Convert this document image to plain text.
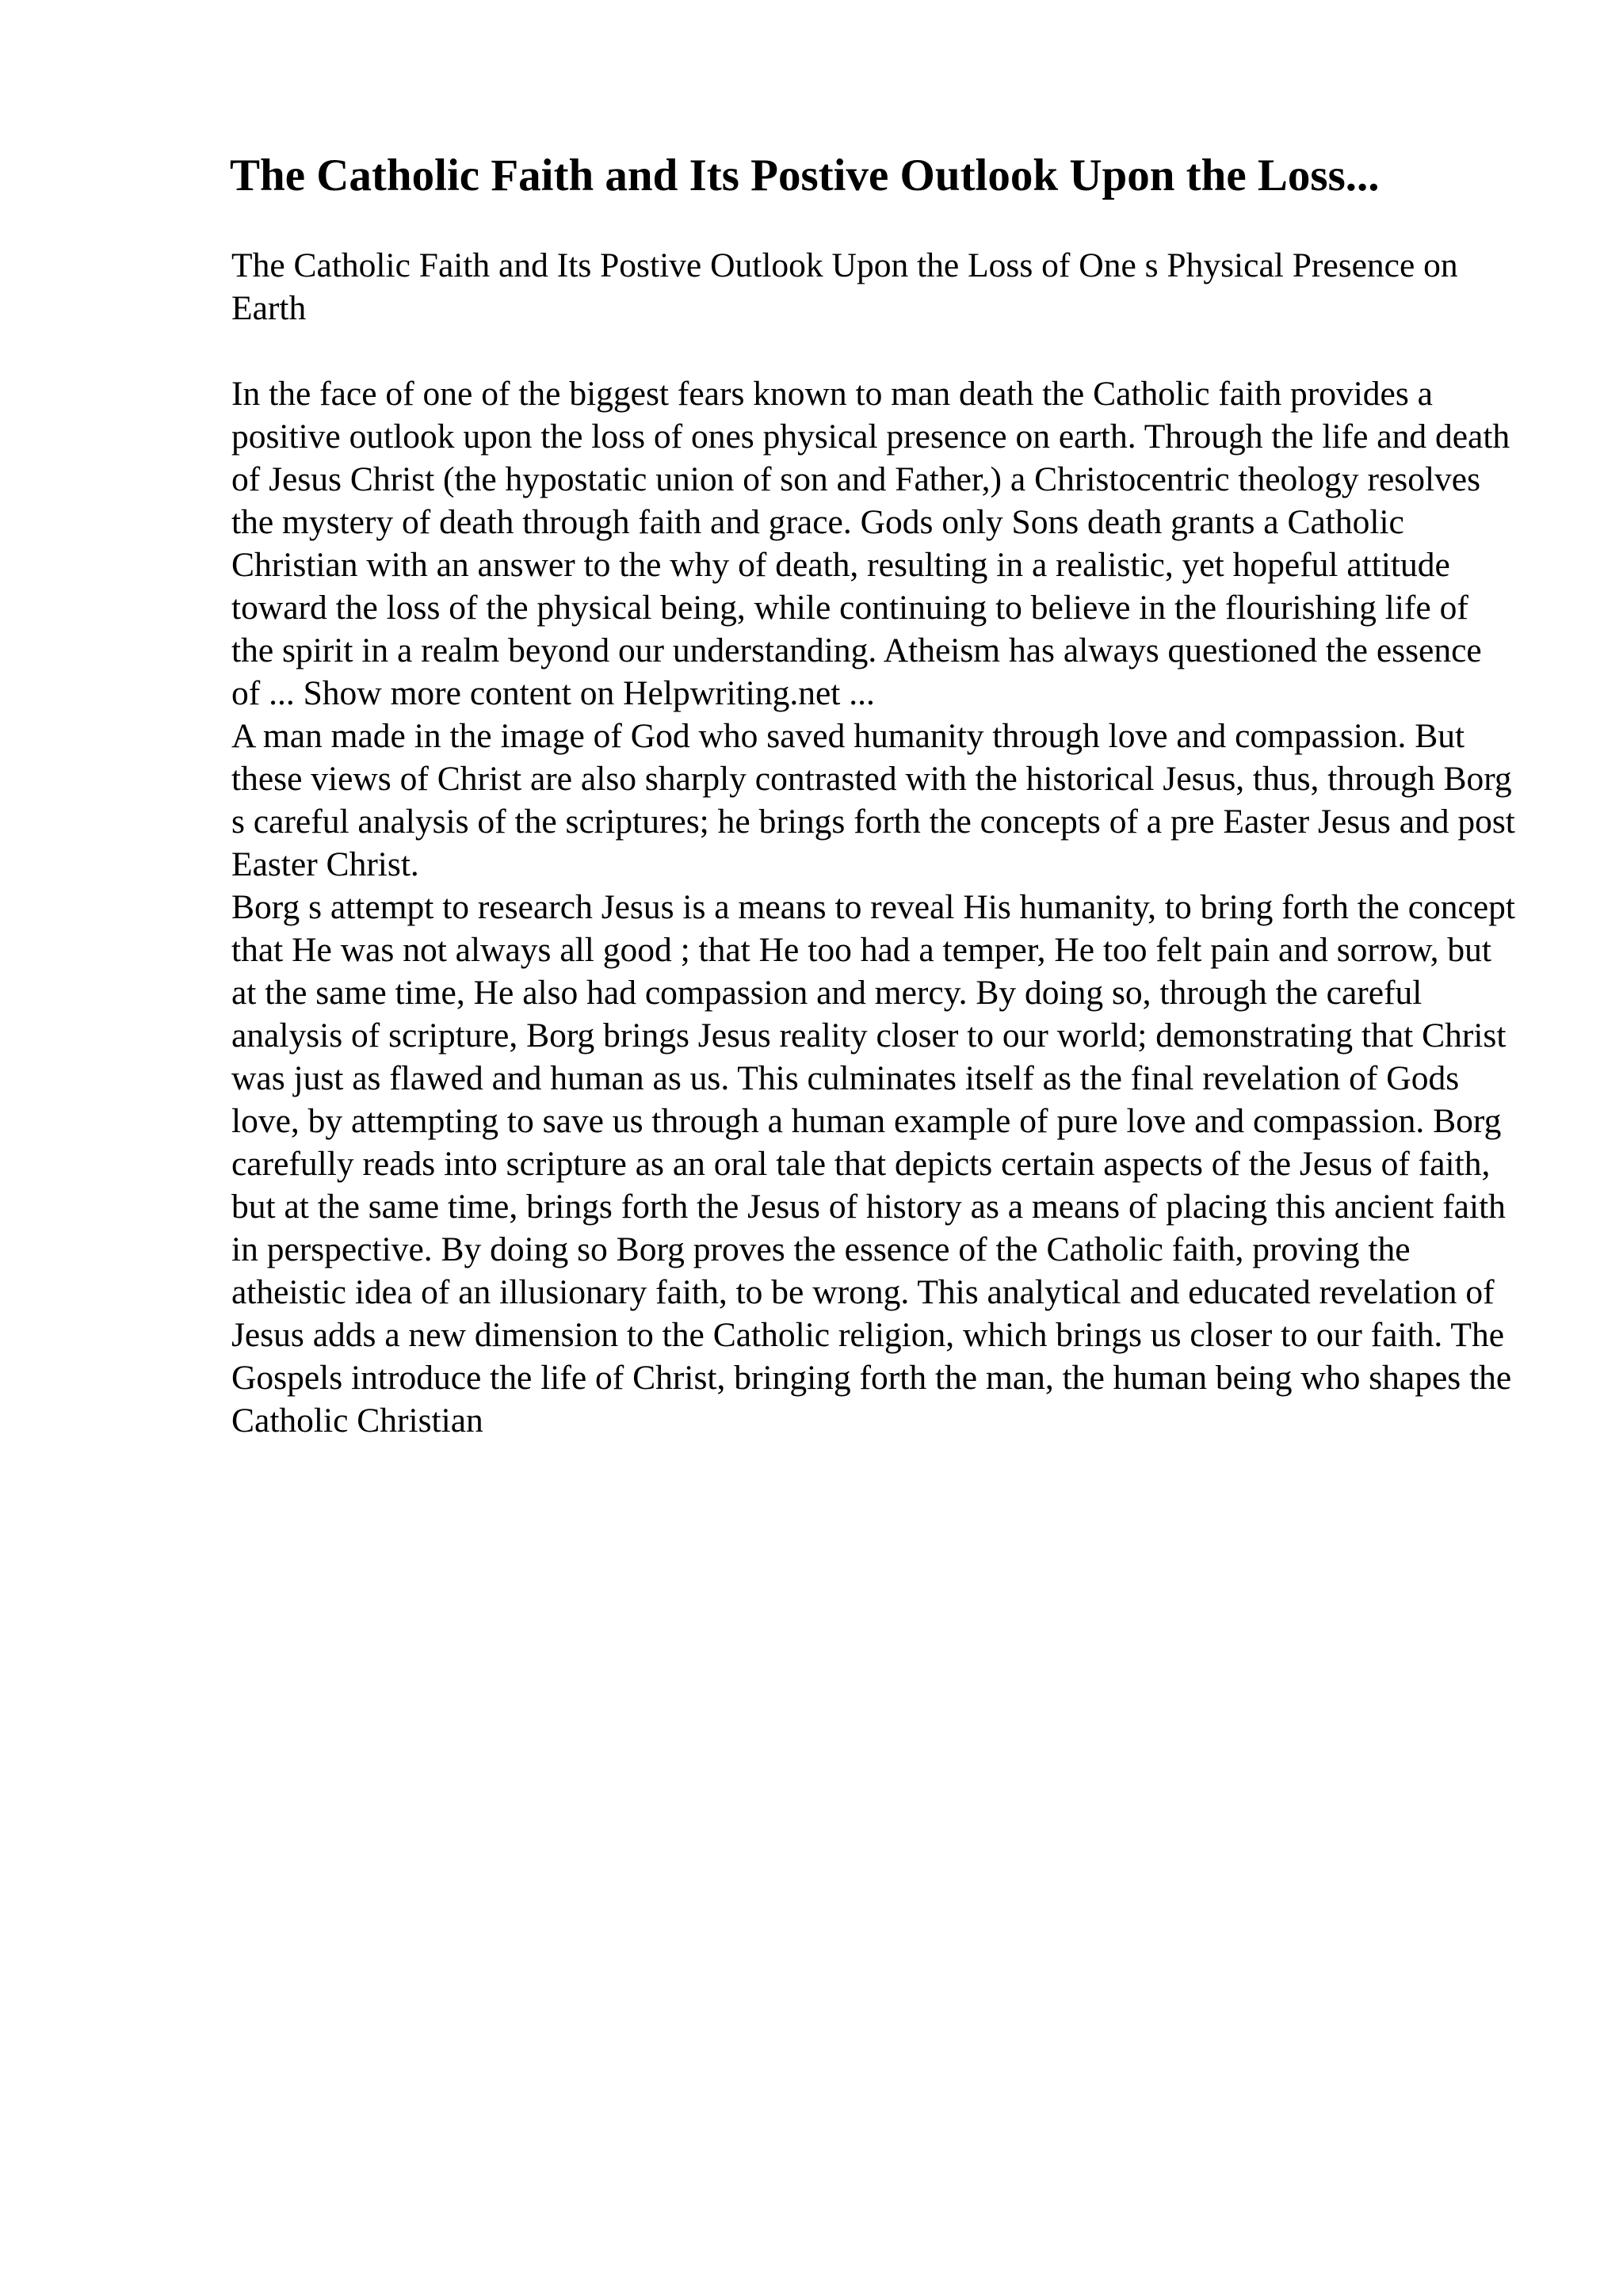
The Catholic Faith and Its Postive Outlook Upon the Loss...

The Catholic Faith and Its Postive Outlook Upon the Loss of One s Physical Presence on Earth

In the face of one of the biggest fears known to man death the Catholic faith provides a positive outlook upon the loss of ones physical presence on earth. Through the life and death of Jesus Christ (the hypostatic union of son and Father,) a Christocentric theology resolves the mystery of death through faith and grace. Gods only Sons death grants a Catholic Christian with an answer to the why of death, resulting in a realistic, yet hopeful attitude toward the loss of the physical being, while continuing to believe in the flourishing life of the spirit in a realm beyond our understanding. Atheism has always questioned the essence of ... Show more content on Helpwriting.net ...

A man made in the image of God who saved humanity through love and compassion. But these views of Christ are also sharply contrasted with the historical Jesus, thus, through Borg s careful analysis of the scriptures; he brings forth the concepts of a pre Easter Jesus and post Easter Christ.

Borg s attempt to research Jesus is a means to reveal His humanity, to bring forth the concept that He was not always all good ; that He too had a temper, He too felt pain and sorrow, but at the same time, He also had compassion and mercy. By doing so, through the careful analysis of scripture, Borg brings Jesus reality closer to our world; demonstrating that Christ was just as flawed and human as us. This culminates itself as the final revelation of Gods love, by attempting to save us through a human example of pure love and compassion. Borg carefully reads into scripture as an oral tale that depicts certain aspects of the Jesus of faith, but at the same time, brings forth the Jesus of history as a means of placing this ancient faith in perspective. By doing so Borg proves the essence of the Catholic faith, proving the atheistic idea of an illusionary faith, to be wrong. This analytical and educated revelation of Jesus adds a new dimension to the Catholic religion, which brings us closer to our faith. The Gospels introduce the life of Christ, bringing forth the man, the human being who shapes the Catholic Christian
